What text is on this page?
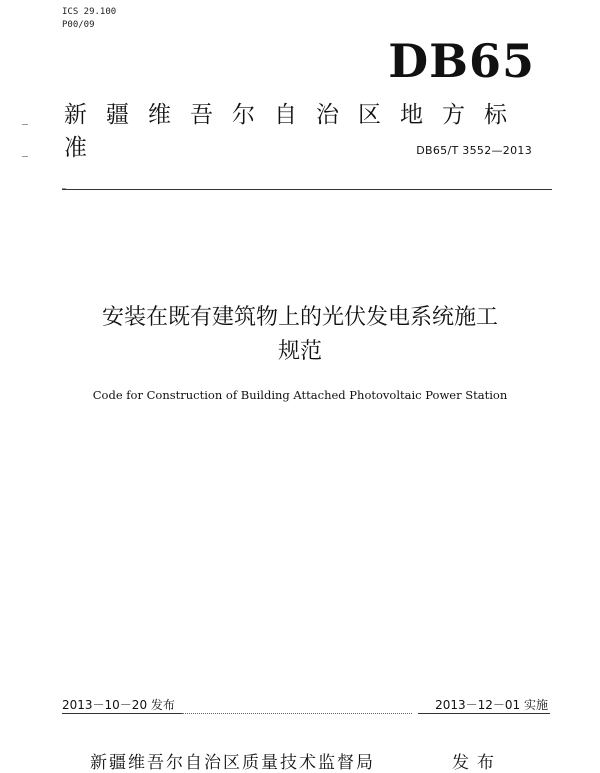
ICS 29.100
P00/09
DB65
新疆维吾尔自治区地方标准	DB65/T 3552—2013
安装在既有建筑物上的光伏发电系统施工
规范
Code for Construction of Building Attached Photovoltaic Power Station
2013－10－20 发布	2013－12－01 实施
新疆维吾尔自治区质量技术监督局	发布
